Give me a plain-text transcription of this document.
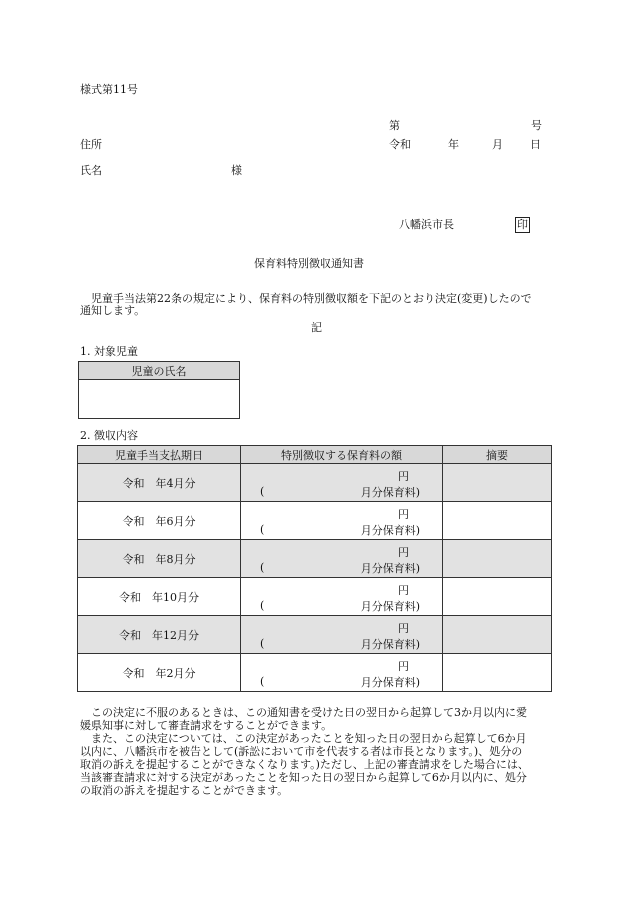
様式第11号
第	号
住所	令和	年	月 日
氏名	様
八幡浜市長	印
保育料特別徴収通知書
　児童手当法第22条の規定により、保育料の特別徴収額を下記のとおり決定(変更)したので
通知します。
記
1. 対象児童
児童の氏名

2. 徴収内容
児童手当支払期日	特別徴収する保育料の額	摘要
令和　年4月分	円
( 月分保育料)	

令和　年6月分	円
( 月分保育料)	

令和　年8月分	円
( 月分保育料)	

令和　年10月分	円
( 月分保育料)	

令和　年12月分	円
( 月分保育料)	

令和　年2月分	円
( 月分保育料)	

　この決定に不服のあるときは、この通知書を受けた日の翌日から起算して3か月以内に愛
媛県知事に対して審査請求をすることができます。
　また、この決定については、この決定があったことを知った日の翌日から起算して6か月
以内に、八幡浜市を被告として(訴訟において市を代表する者は市長となります。)、処分の
取消の訴えを提起することができなくなります。)ただし、上記の審査請求をした場合には、
当該審査請求に対する決定があったことを知った日の翌日から起算して6か月以内に、処分
の取消の訴えを提起することができます。
